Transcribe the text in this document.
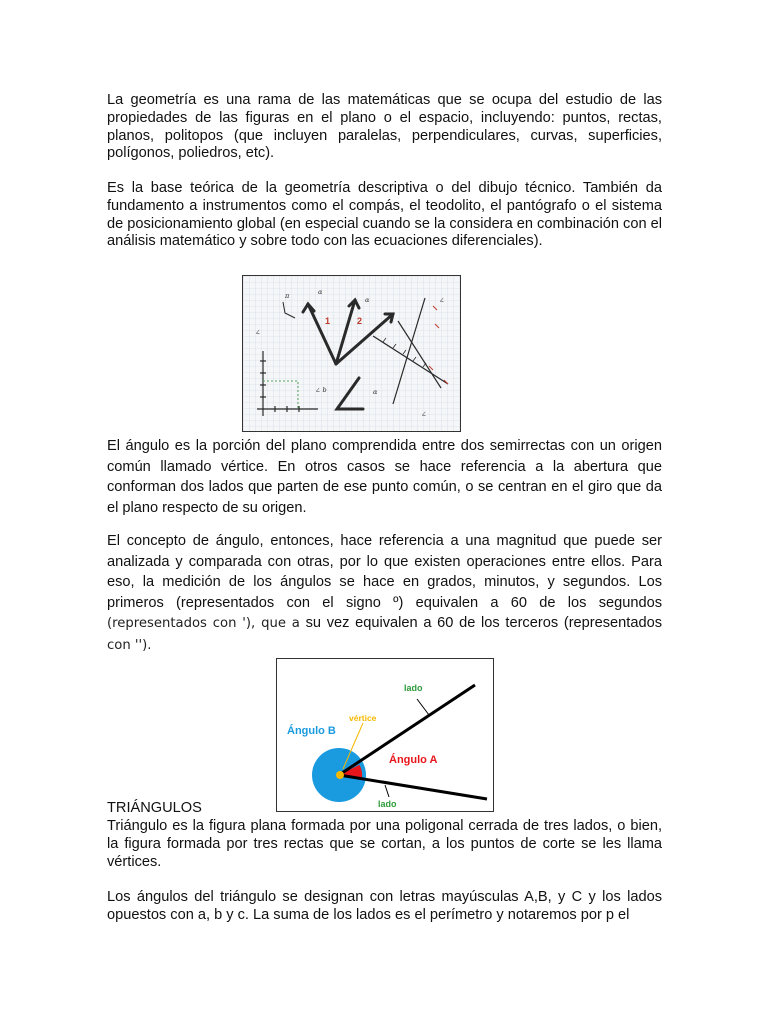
La geometría es una rama de las matemáticas que se ocupa del estudio de las propiedades de las figuras en el plano o el espacio, incluyendo: puntos, rectas, planos, politopos (que incluyen paralelas, perpendiculares, curvas, superficies, polígonos, poliedros, etc).

Es la base teórica de la geometría descriptiva o del dibujo técnico. También da fundamento a instrumentos como el compás, el teodolito, el pantógrafo o el sistema de posicionamiento global (en especial cuando se la considera en combinación con el análisis matemático y sobre todo con las ecuaciones diferenciales).

1	2
π	α
α	∠
∠
∠ b	α
∠

El ángulo es la porción del plano comprendida entre dos semirrectas con un origen común llamado vértice. En otros casos se hace referencia a la abertura que conforman dos lados que parten de ese punto común, o se centran en el giro que da el plano respecto de su origen.

El concepto de ángulo, entonces, hace referencia a una magnitud que puede ser analizada y comparada con otras, por lo que existen operaciones entre ellos. Para eso, la medición de los ángulos se hace en grados, minutos, y segundos. Los primeros (representados con el signo º) equivalen a 60 de los segundos (representados con '), que a su vez equivalen a 60 de los terceros (representados con '').

lado
vértice
Ángulo B
Ángulo A
lado
TRIÁNGULOS

Triángulo es la figura plana formada por una poligonal cerrada de tres lados, o bien, la figura formada por tres rectas que se cortan, a los puntos de corte se les llama vértices.

Los ángulos del triángulo se designan con letras mayúsculas A,B, y C y los lados opuestos con a, b y c. La suma de los lados es el perímetro y notaremos por p el
